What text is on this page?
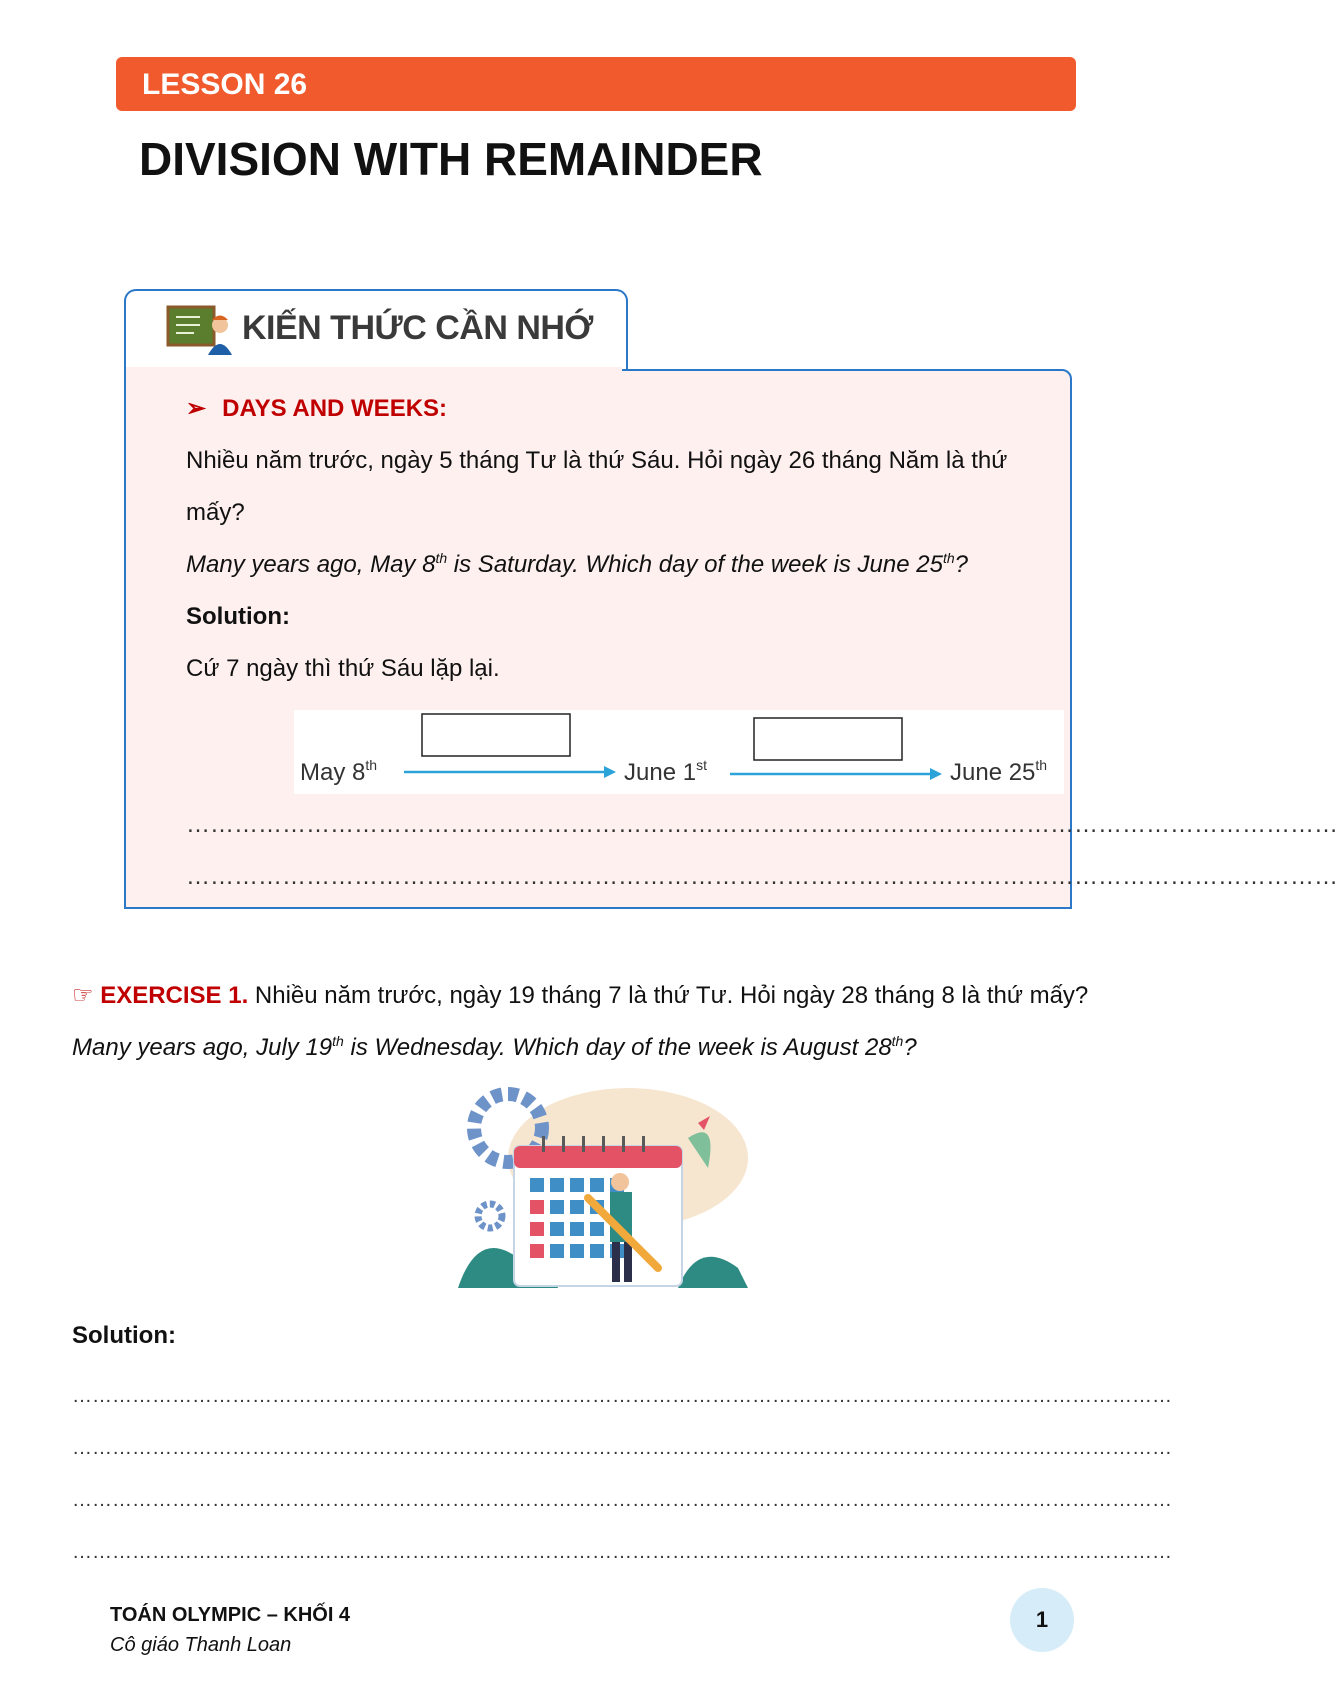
LESSON 26
DIVISION WITH REMAINDER
KIẾN THỨC CẦN NHỚ
➢ DAYS AND WEEKS:
Nhiều năm trước, ngày 5 tháng Tư là thứ Sáu. Hỏi ngày 26 tháng Năm là thứ
mấy?
Many years ago, May 8th is Saturday. Which day of the week is June 25th?
Solution:
Cứ 7 ngày thì thứ Sáu lặp lại.
………………………………………………………………………………………………………………………………
………………………………………………………………………………………………………………………………
May 8th	June 1st	June 25th
☞ EXERCISE 1. Nhiều năm trước, ngày 19 tháng 7 là thứ Tư. Hỏi ngày 28 tháng 8 là thứ mấy?
Many years ago, July 19th is Wednesday. Which day of the week is August 28th?
Solution:
…………………………………………………………………………………………………………………………………………………
…………………………………………………………………………………………………………………………………………………
…………………………………………………………………………………………………………………………………………………
…………………………………………………………………………………………………………………………………………………
TOÁN OLYMPIC – KHỐI 4
Cô giáo Thanh Loan
1
